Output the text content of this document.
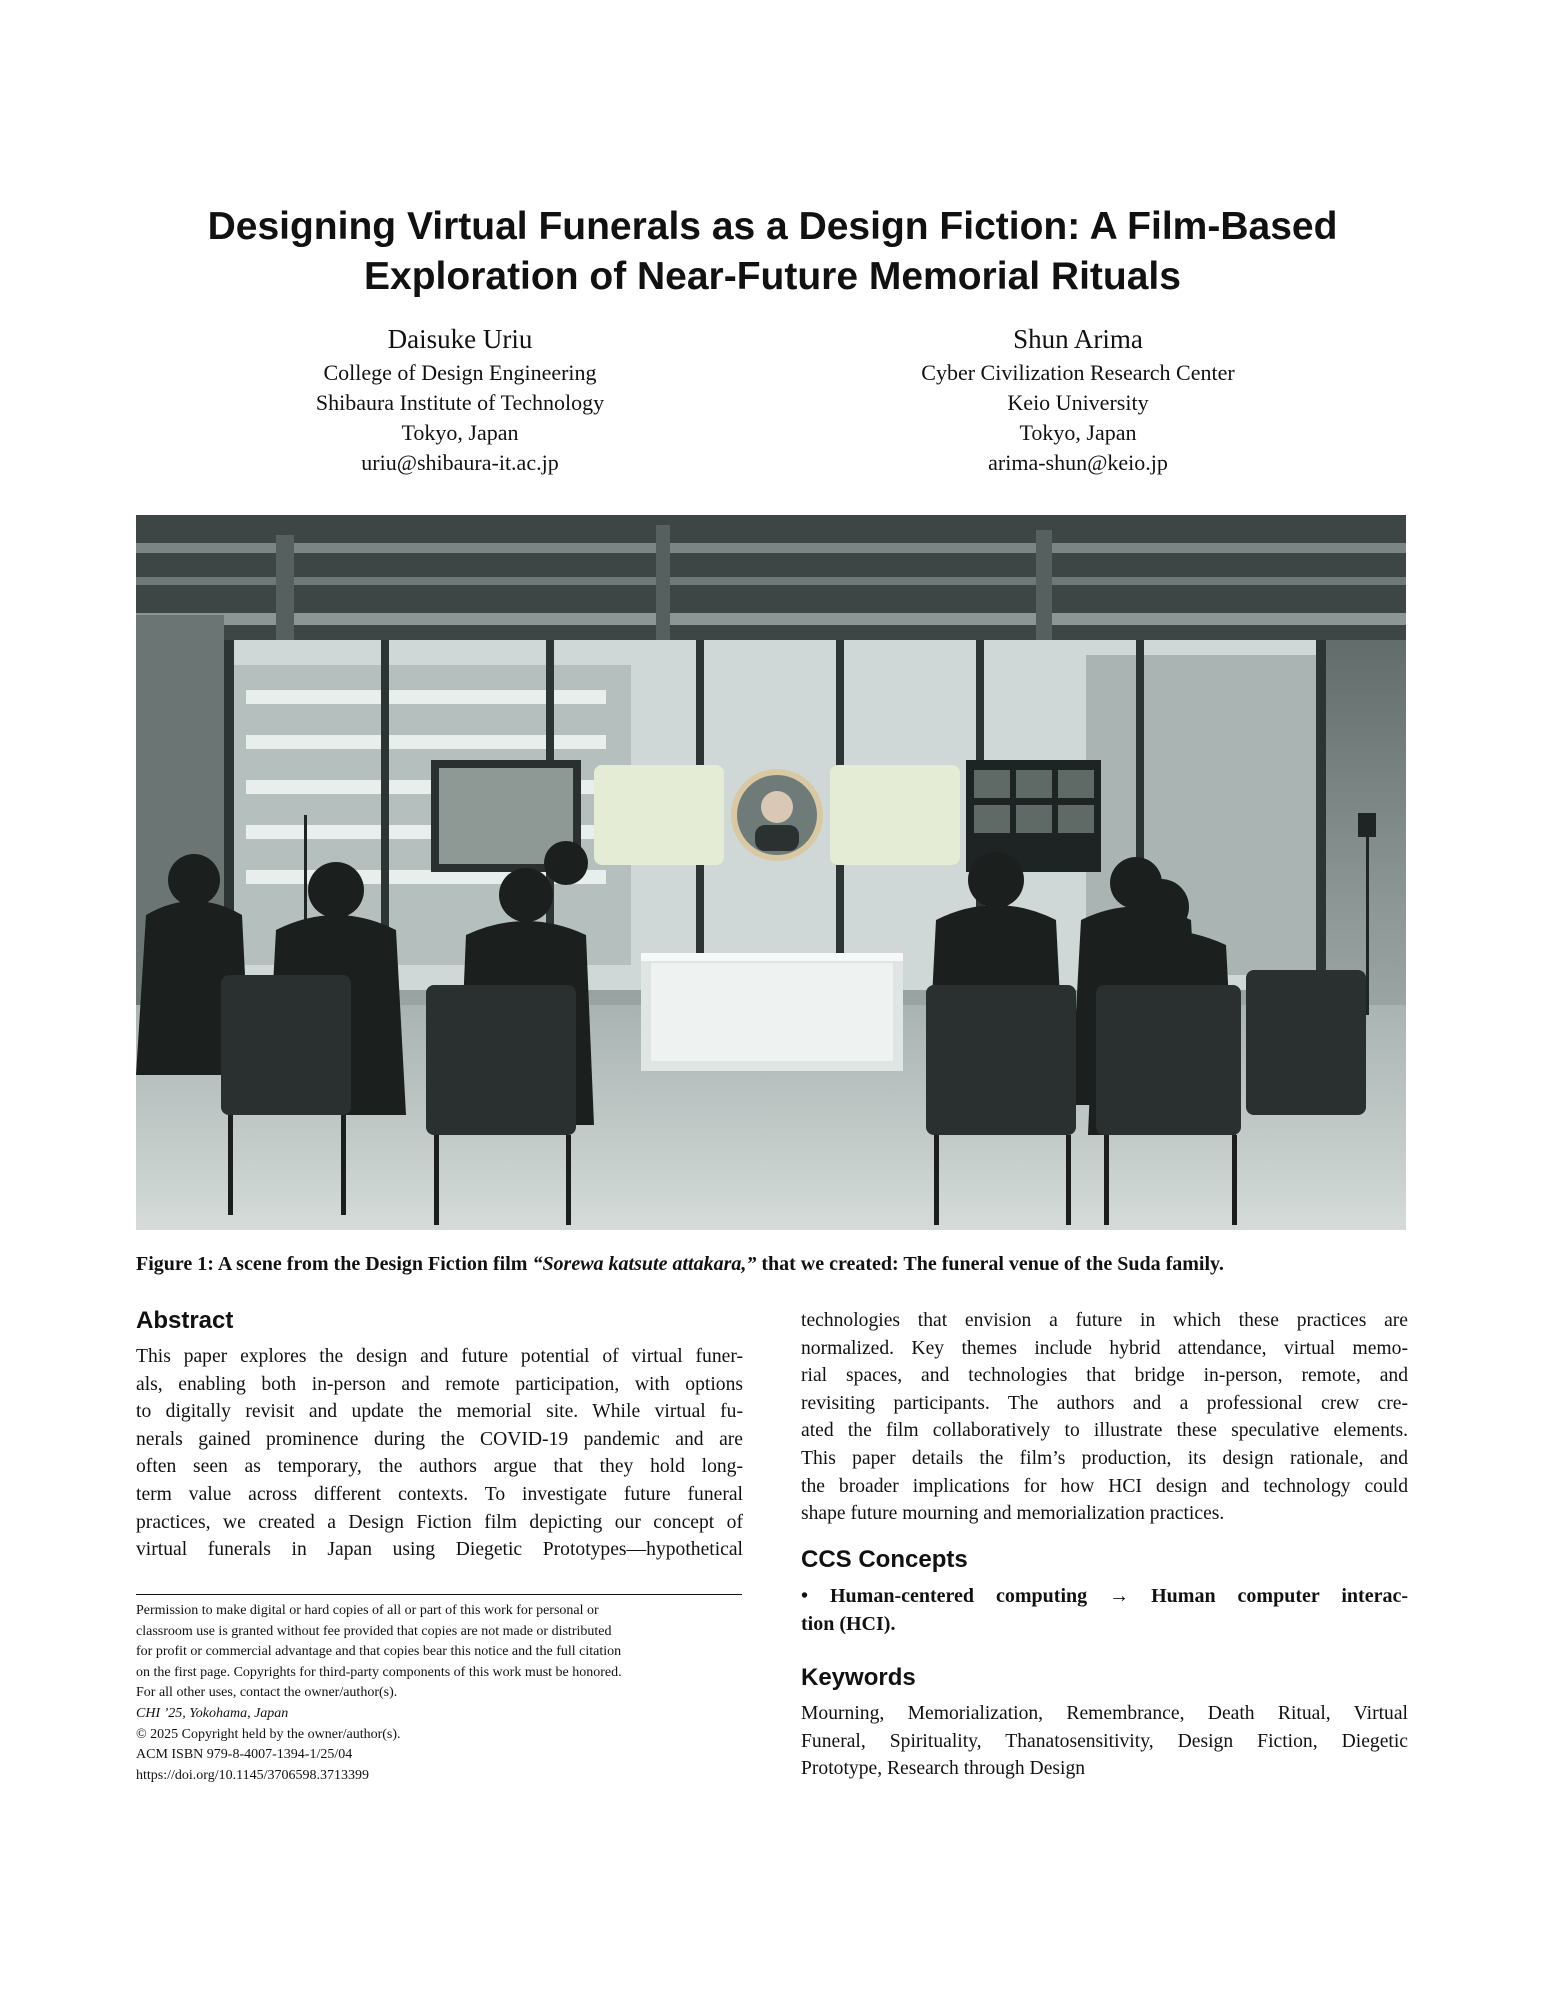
Designing Virtual Funerals as a Design Fiction: A Film-Based
Exploration of Near-Future Memorial Rituals
Daisuke Uriu
College of Design Engineering
Shibaura Institute of Technology
Tokyo, Japan
uriu@shibaura-it.ac.jp
Shun Arima
Cyber Civilization Research Center
Keio University
Tokyo, Japan
arima-shun@keio.jp
Figure 1: A scene from the Design Fiction film “Sorewa katsute attakara,” that we created: The funeral venue of the Suda family.
Abstract

This paper explores the design and future potential of virtual funer-
als, enabling both in-person and remote participation, with options
to digitally revisit and update the memorial site. While virtual fu-
nerals gained prominence during the COVID-19 pandemic and are
often seen as temporary, the authors argue that they hold long-
term value across different contexts. To investigate future funeral
practices, we created a Design Fiction film depicting our concept of
virtual funerals in Japan using Diegetic Prototypes—hypothetical

Permission to make digital or hard copies of all or part of this work for personal or
classroom use is granted without fee provided that copies are not made or distributed
for profit or commercial advantage and that copies bear this notice and the full citation
on the first page. Copyrights for third-party components of this work must be honored.
For all other uses, contact the owner/author(s).
CHI ’25, Yokohama, Japan
© 2025 Copyright held by the owner/author(s).
ACM ISBN 979-8-4007-1394-1/25/04
https://doi.org/10.1145/3706598.3713399

technologies that envision a future in which these practices are
normalized. Key themes include hybrid attendance, virtual memo-
rial spaces, and technologies that bridge in-person, remote, and
revisiting participants. The authors and a professional crew cre-
ated the film collaboratively to illustrate these speculative elements.
This paper details the film’s production, its design rationale, and
the broader implications for how HCI design and technology could
shape future mourning and memorialization practices.

CCS Concepts
• Human-centered computing → Human computer interac-
tion (HCI).
Keywords

Mourning, Memorialization, Remembrance, Death Ritual, Virtual
Funeral, Spirituality, Thanatosensitivity, Design Fiction, Diegetic
Prototype, Research through Design
